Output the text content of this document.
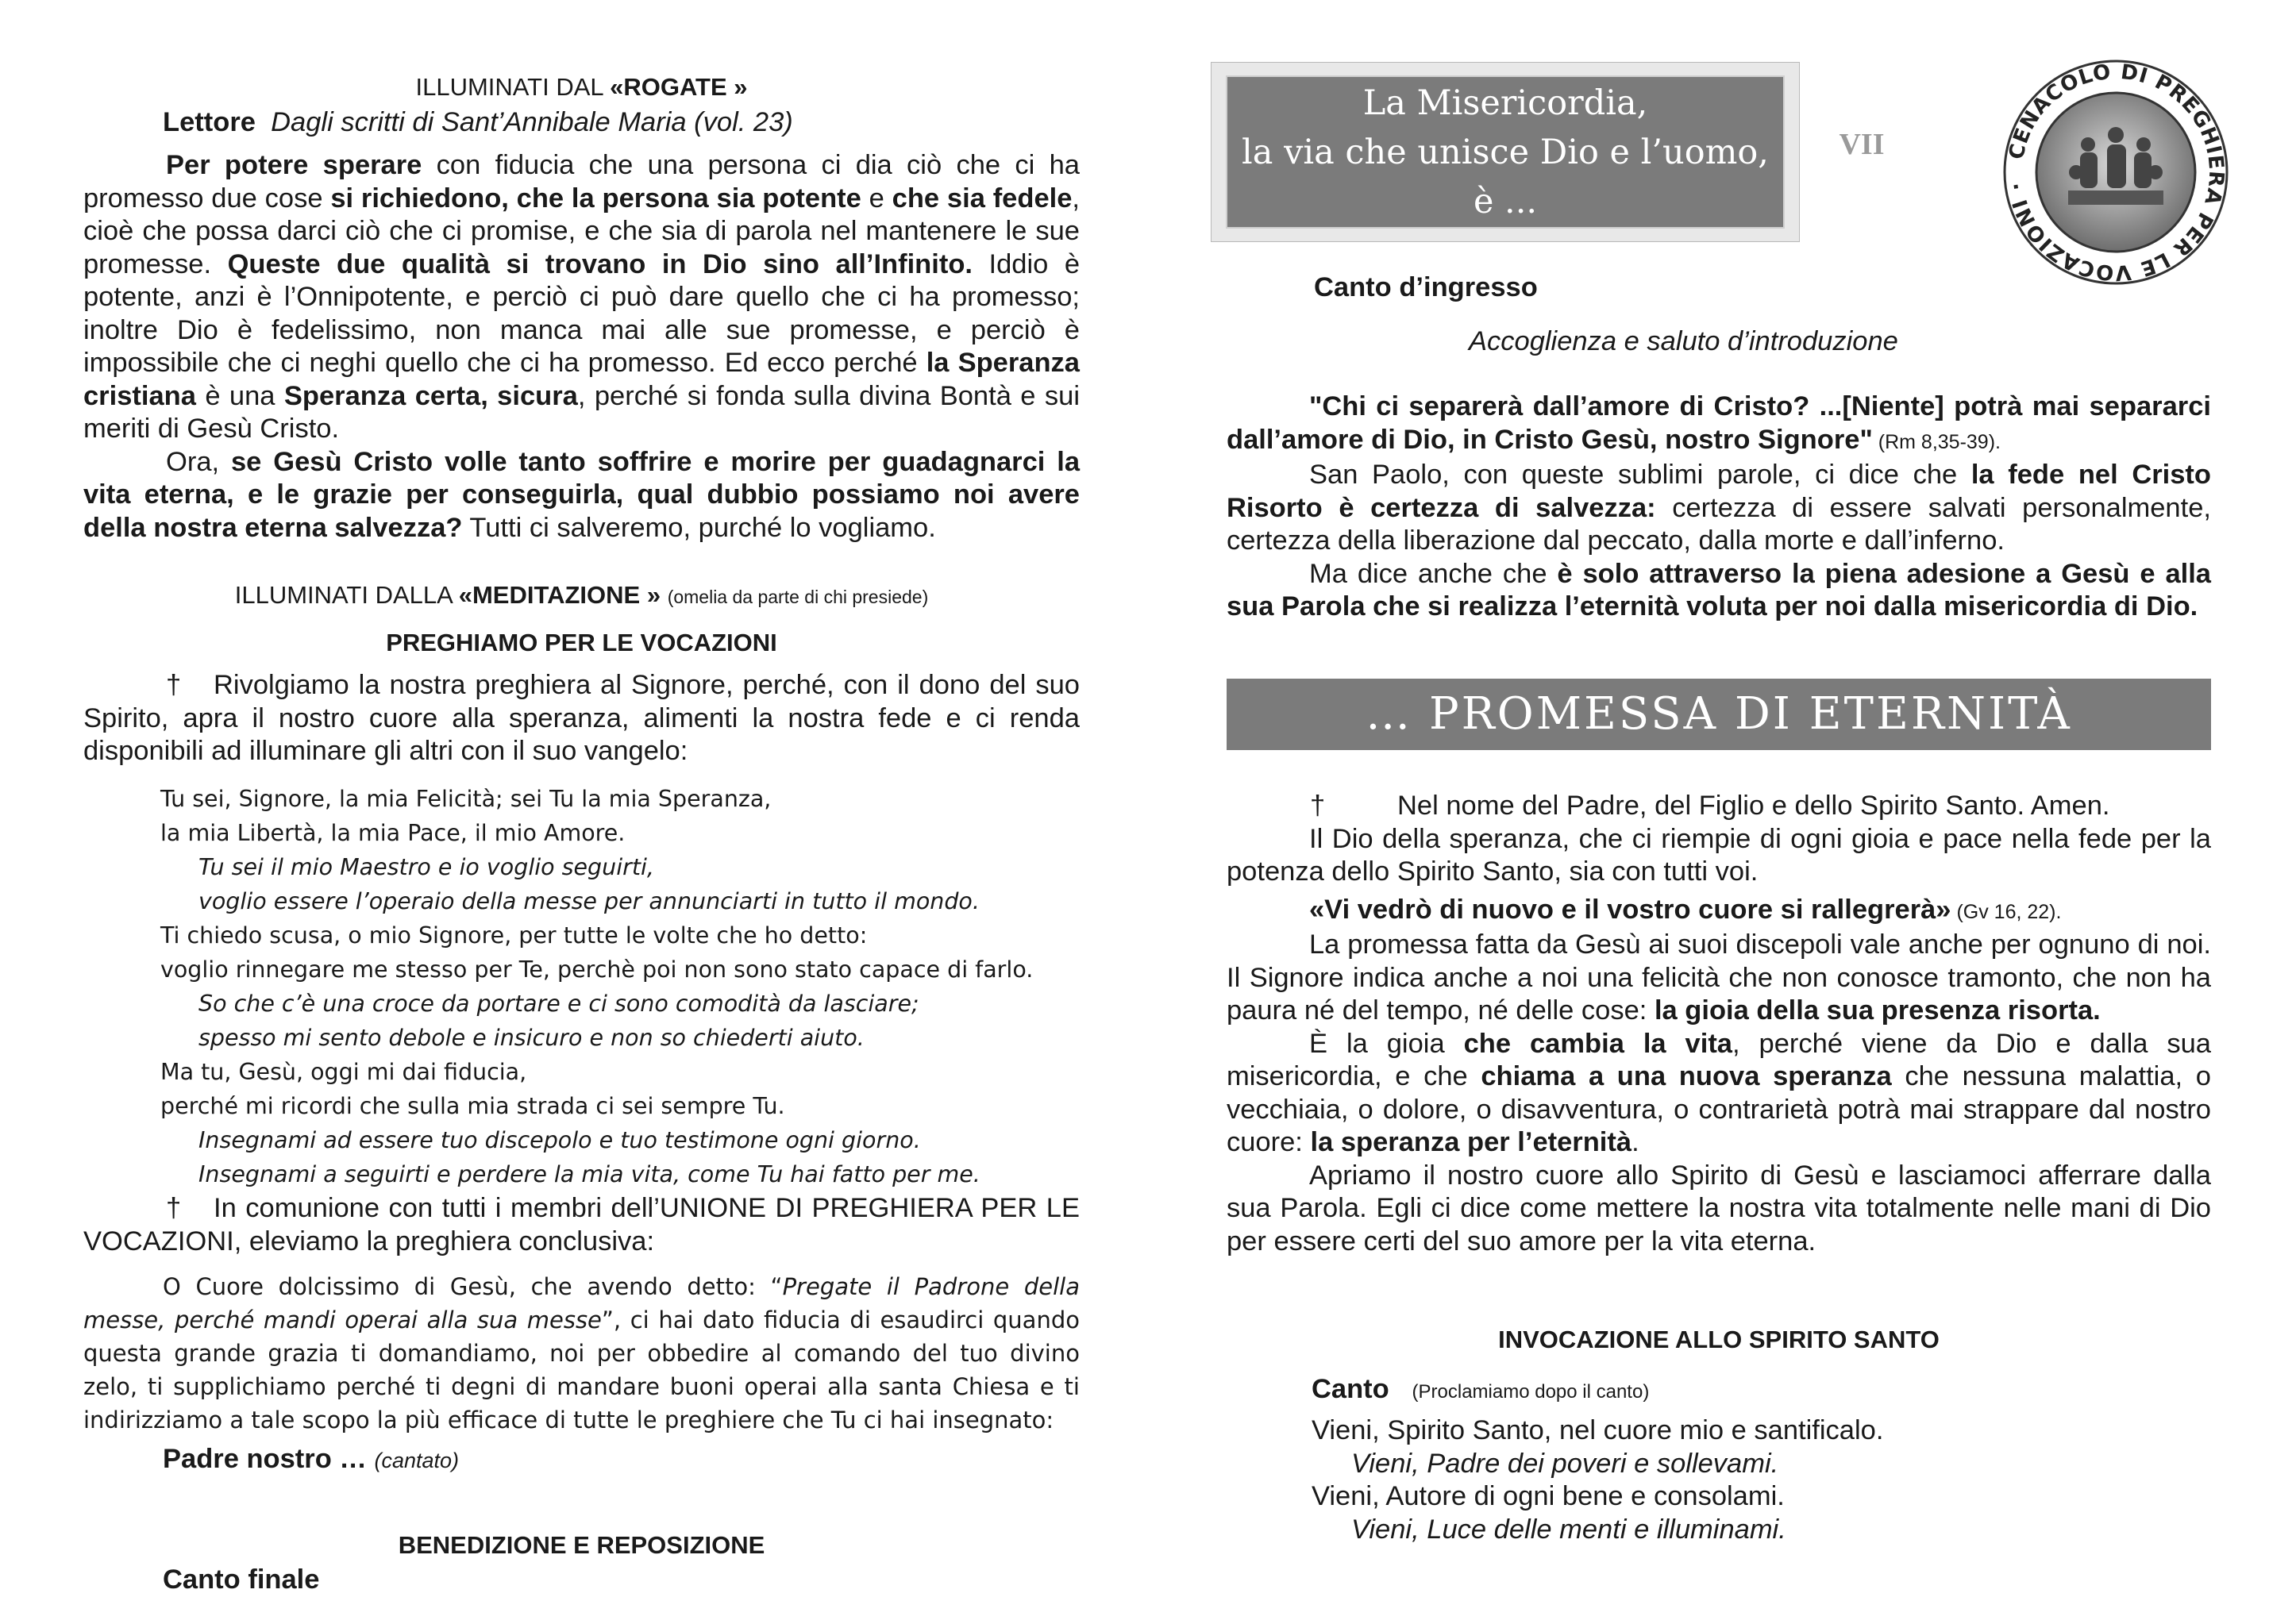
ILLUMINATI DAL «ROGATE »

Lettore Dagli scritti di Sant’Annibale Maria (vol. 23)

Per potere sperare con fiducia che una persona ci dia ciò che ci ha promesso due cose si richiedono, che la persona sia potente e che sia fedele, cioè che possa darci ciò che ci promise, e che sia di parola nel mantenere le sue promesse. Queste due qualità si trovano in Dio sino all’Infinito. Iddio è potente, anzi è l’Onnipotente, e perciò ci può dare quello che ci ha promesso; inoltre Dio è fedelissimo, non manca mai alle sue promesse, e perciò è impossibile che ci neghi quello che ci ha promesso. Ed ecco perché la Speranza cristiana è una Speranza certa, sicura, perché si fonda sulla divina Bontà e sui meriti di Gesù Cristo.

Ora, se Gesù Cristo volle tanto soffrire e morire per guadagnarci la vita eterna, e le grazie per conseguirla, qual dubbio possiamo noi avere della nostra eterna salvezza? Tutti ci salveremo, purché lo vogliamo.

ILLUMINATI DALLA «MEDITAZIONE » (omelia da parte di chi presiede)

PREGHIAMO PER LE VOCAZIONI

† Rivolgiamo la nostra preghiera al Signore, perché, con il dono del suo Spirito, apra il nostro cuore alla speranza, alimenti la nostra fede e ci renda disponibili ad illuminare gli altri con il suo vangelo:

Tu sei, Signore, la mia Felicità; sei Tu la mia Speranza,
la mia Libertà, la mia Pace, il mio Amore.
Tu sei il mio Maestro e io voglio seguirti,
voglio essere l’operaio della messe per annunciarti in tutto il mondo.
Ti chiedo scusa, o mio Signore, per tutte le volte che ho detto:
voglio rinnegare me stesso per Te, perchè poi non sono stato capace di farlo.
So che c’è una croce da portare e ci sono comodità da lasciare;
spesso mi sento debole e insicuro e non so chiederti aiuto.
Ma tu, Gesù, oggi mi dai fiducia,
perché mi ricordi che sulla mia strada ci sei sempre Tu.
Insegnami ad essere tuo discepolo e tuo testimone ogni giorno.
Insegnami a seguirti e perdere la mia vita, come Tu hai fatto per me.

† In comunione con tutti i membri dell’UNIONE DI PREGHIERA PER LE VOCAZIONI, eleviamo la preghiera conclusiva:

O Cuore dolcissimo di Gesù, che avendo detto: “Pregate il Padrone della messe, perché mandi operai alla sua messe”, ci hai dato fiducia di esaudirci quando questa grande grazia ti domandiamo, noi per obbedire al comando del tuo divino zelo, ti supplichiamo perché ti degni di mandare buoni operai alla santa Chiesa e ti indirizziamo a tale scopo la più efficace di tutte le preghiere che Tu ci hai insegnato:

Padre nostro … (cantato)

BENEDIZIONE E REPOSIZIONE

Canto finale

La Misericordia,
la via che unisce Dio e l’uomo, è ...
VII	CENACOLO DI PREGHIERA PER LE VOCAZIONI ·

Canto d’ingresso

Accoglienza e saluto d’introduzione

"Chi ci separerà dall’amore di Cristo? ...[Niente] potrà mai separarci dall’amore di Dio, in Cristo Gesù, nostro Signore" (Rm 8,35-39).

San Paolo, con queste sublimi parole, ci dice che la fede nel Cristo Risorto è certezza di salvezza: certezza di essere salvati personalmente, certezza della liberazione dal peccato, dalla morte e dall’inferno.

Ma dice anche che è solo attraverso la piena adesione a Gesù e alla sua Parola che si realizza l’eternità voluta per noi dalla misericordia di Dio.

… PROMESSA DI ETERNITÀ

†	Nel nome del Padre, del Figlio e dello Spirito Santo. Amen.

Il Dio della speranza, che ci riempie di ogni gioia e pace nella fede per la potenza dello Spirito Santo, sia con tutti voi.

«Vi vedrò di nuovo e il vostro cuore si rallegrerà» (Gv 16, 22).

La promessa fatta da Gesù ai suoi discepoli vale anche per ognuno di noi. Il Signore indica anche a noi una felicità che non conosce tramonto, che non ha paura né del tempo, né delle cose: la gioia della sua presenza risorta.

È la gioia che cambia la vita, perché viene da Dio e dalla sua misericordia, e che chiama a una nuova speranza che nessuna malattia, o vecchiaia, o dolore, o disavventura, o contrarietà potrà mai strappare dal nostro cuore: la speranza per l’eternità.

Apriamo il nostro cuore allo Spirito di Gesù e lasciamoci afferrare dalla sua Parola. Egli ci dice come mettere la nostra vita totalmente nelle mani di Dio per essere certi del suo amore per la vita eterna.

INVOCAZIONE ALLO SPIRITO SANTO

Canto (Proclamiamo dopo il canto)

Vieni, Spirito Santo, nel cuore mio e santificalo.
Vieni, Padre dei poveri e sollevami.
Vieni, Autore di ogni bene e consolami.
Vieni, Luce delle menti e illuminami.
